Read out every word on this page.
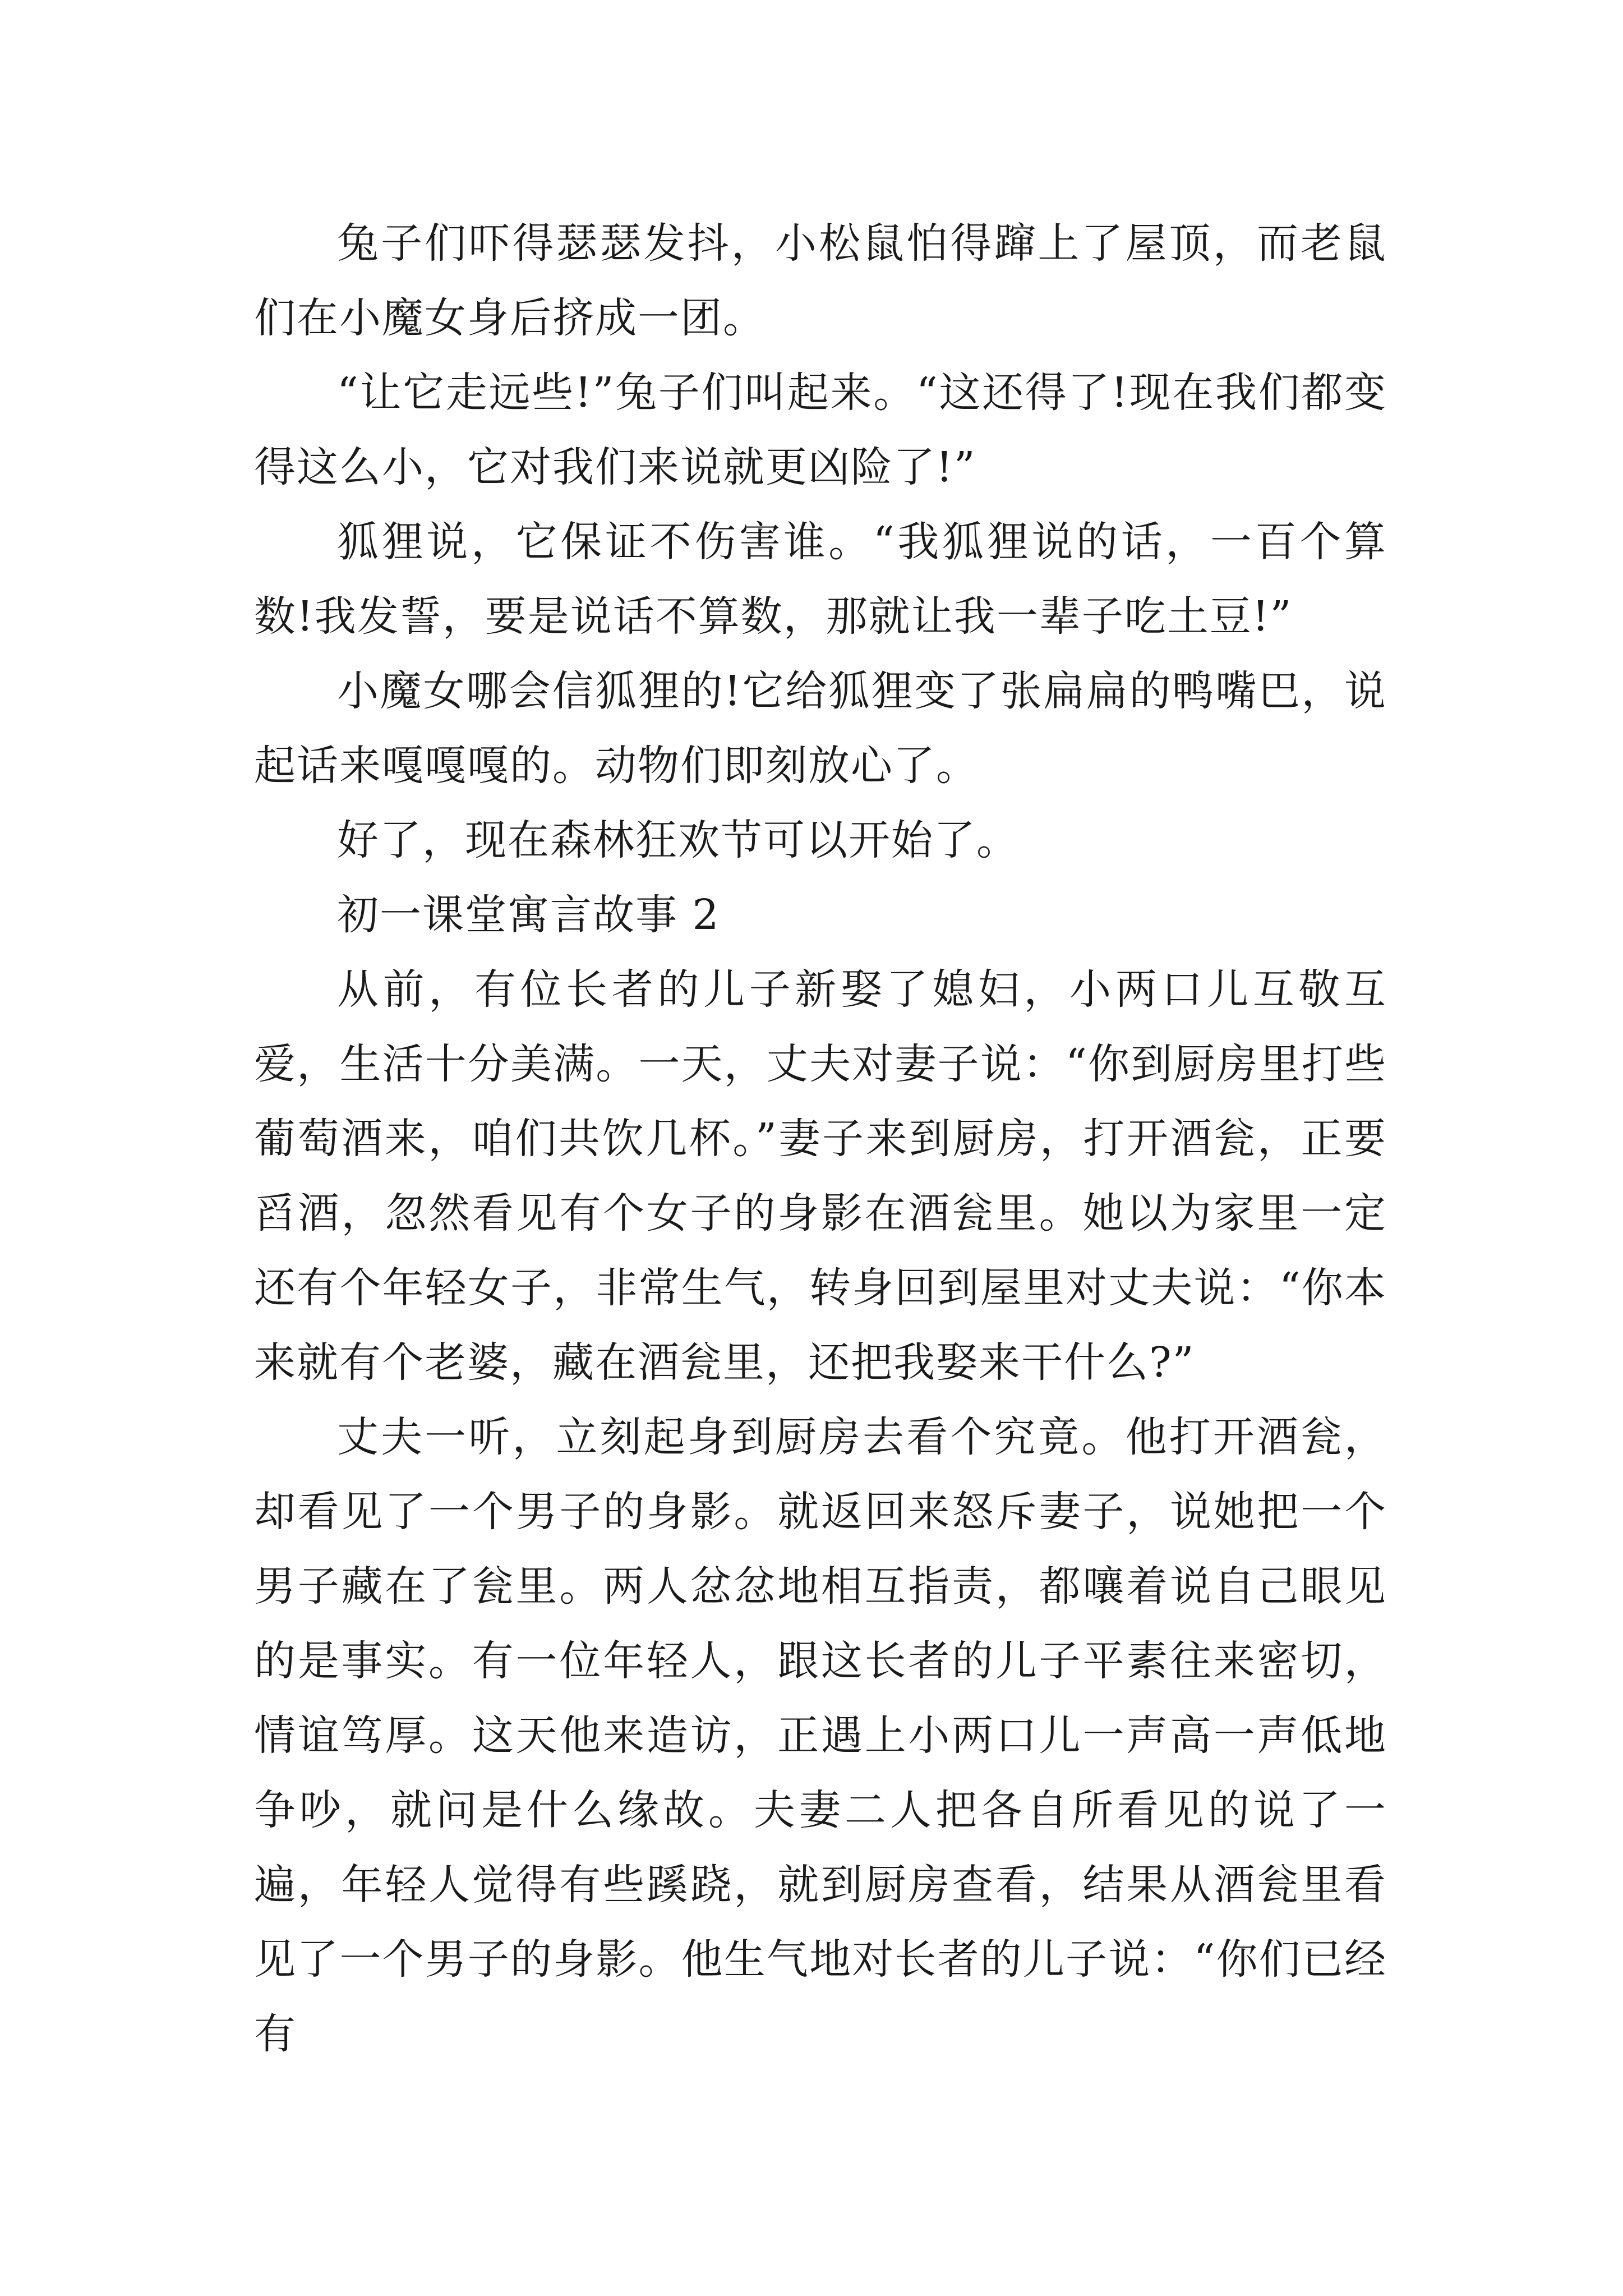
兔子们吓得瑟瑟发抖，小松鼠怕得蹿上了屋顶，而老鼠们在小魔女身后挤成一团。

“让它走远些!”兔子们叫起来。“这还得了!现在我们都变得这么小，它对我们来说就更凶险了!”

狐狸说，它保证不伤害谁。“我狐狸说的话，一百个算数!我发誓，要是说话不算数，那就让我一辈子吃土豆!”

小魔女哪会信狐狸的!它给狐狸变了张扁扁的鸭嘴巴，说起话来嘎嘎嘎的。动物们即刻放心了。

好了，现在森林狂欢节可以开始了。

初一课堂寓言故事 2

从前，有位长者的儿子新娶了媳妇，小两口儿互敬互爱，生活十分美满。一天，丈夫对妻子说：“你到厨房里打些葡萄酒来，咱们共饮几杯。”妻子来到厨房，打开酒瓮，正要舀酒，忽然看见有个女子的身影在酒瓮里。她以为家里一定还有个年轻女子，非常生气，转身回到屋里对丈夫说：“你本来就有个老婆，藏在酒瓮里，还把我娶来干什么?”

丈夫一听，立刻起身到厨房去看个究竟。他打开酒瓮，却看见了一个男子的身影。就返回来怒斥妻子，说她把一个男子藏在了瓮里。两人忿忿地相互指责，都嚷着说自己眼见的是事实。有一位年轻人，跟这长者的儿子平素往来密切，情谊笃厚。这天他来造访，正遇上小两口儿一声高一声低地争吵，就问是什么缘故。夫妻二人把各自所看见的说了一遍，年轻人觉得有些蹊跷，就到厨房查看，结果从酒瓮里看见了一个男子的身影。他生气地对长者的儿子说：“你们已经有
